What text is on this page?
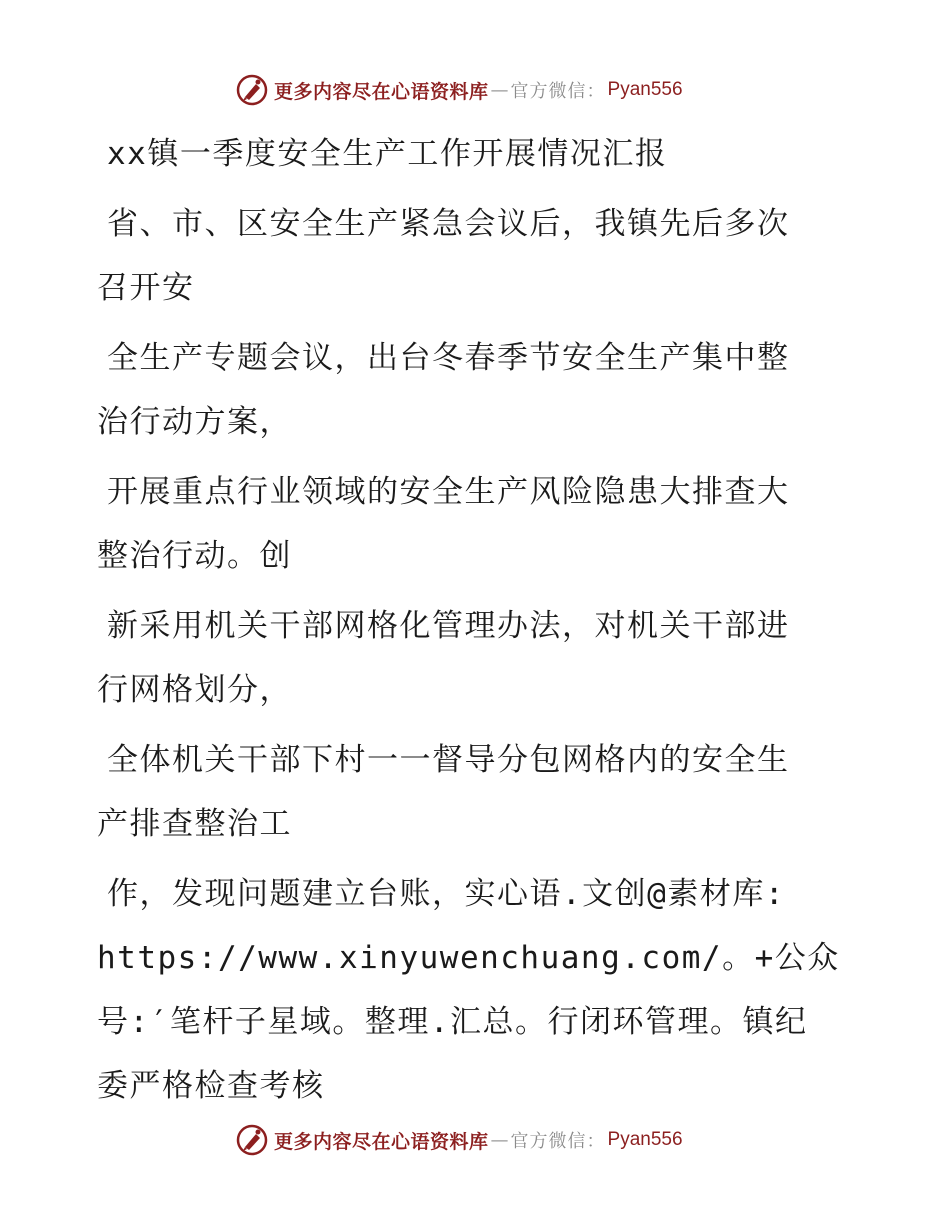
更多内容尽在心语资料库 — 官方微信： Pyan556
xx镇一季度安全生产工作开展情况汇报
省、市、区安全生产紧急会议后，我镇先后多次
召开安
全生产专题会议，出台冬春季节安全生产集中整
治行动方案，
开展重点行业领域的安全生产风险隐患大排查大
整治行动。创
新采用机关干部网格化管理办法，对机关干部进
行网格划分，
全体机关干部下村一一督导分包网格内的安全生
产排查整治工
作，发现问题建立台账，实心语.文创@素材库:
https://www.xinyuwenchuang.com/。+公众
号:′笔杆子星域。整理.汇总。行闭环管理。镇纪
委严格检查考核
更多内容尽在心语资料库 — 官方微信： Pyan556
